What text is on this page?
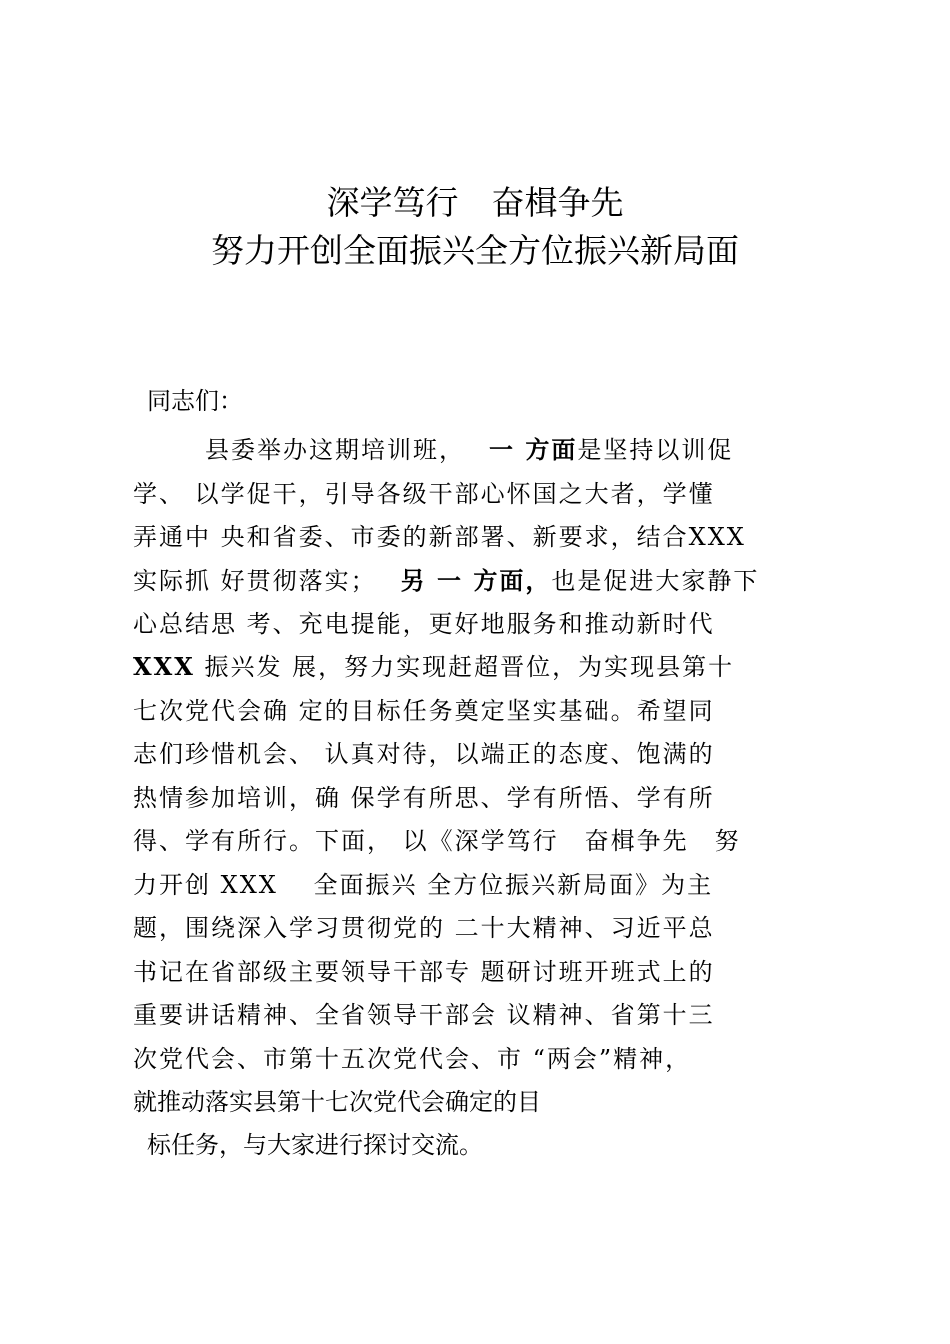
深学笃行　奋楫争先
努力开创全面振兴全方位振兴新局面
同志们：
县委举办这期培训班， 一 方面是坚持以训促
学、 以学促干，引导各级干部心怀国之大者，学懂
弄通中 央和省委、市委的新部署、新要求，结合XXX
实际抓 好贯彻落实； 另 一 方面，也是促进大家静下
心总结思 考、充电提能，更好地服务和推动新时代
XXX 振兴发 展，努力实现赶超晋位，为实现县第十
七次党代会确 定的目标任务奠定坚实基础。希望同
志们珍惜机会、 认真对待，以端正的态度、饱满的
热情参加培训，确 保学有所思、学有所悟、学有所
得、学有所行。下面， 以《深学笃行　奋楫争先　努
力开创 XXX　 全面振兴 全方位振兴新局面》为主
题，围绕深入学习贯彻党的 二十大精神、习近平总
书记在省部级主要领导干部专 题研讨班开班式上的
重要讲话精神、全省领导干部会 议精神、省第十三
次党代会、市第十五次党代会、市 “两会”精神，
就推动落实县第十七次党代会确定的目
标任务，与大家进行探讨交流。
